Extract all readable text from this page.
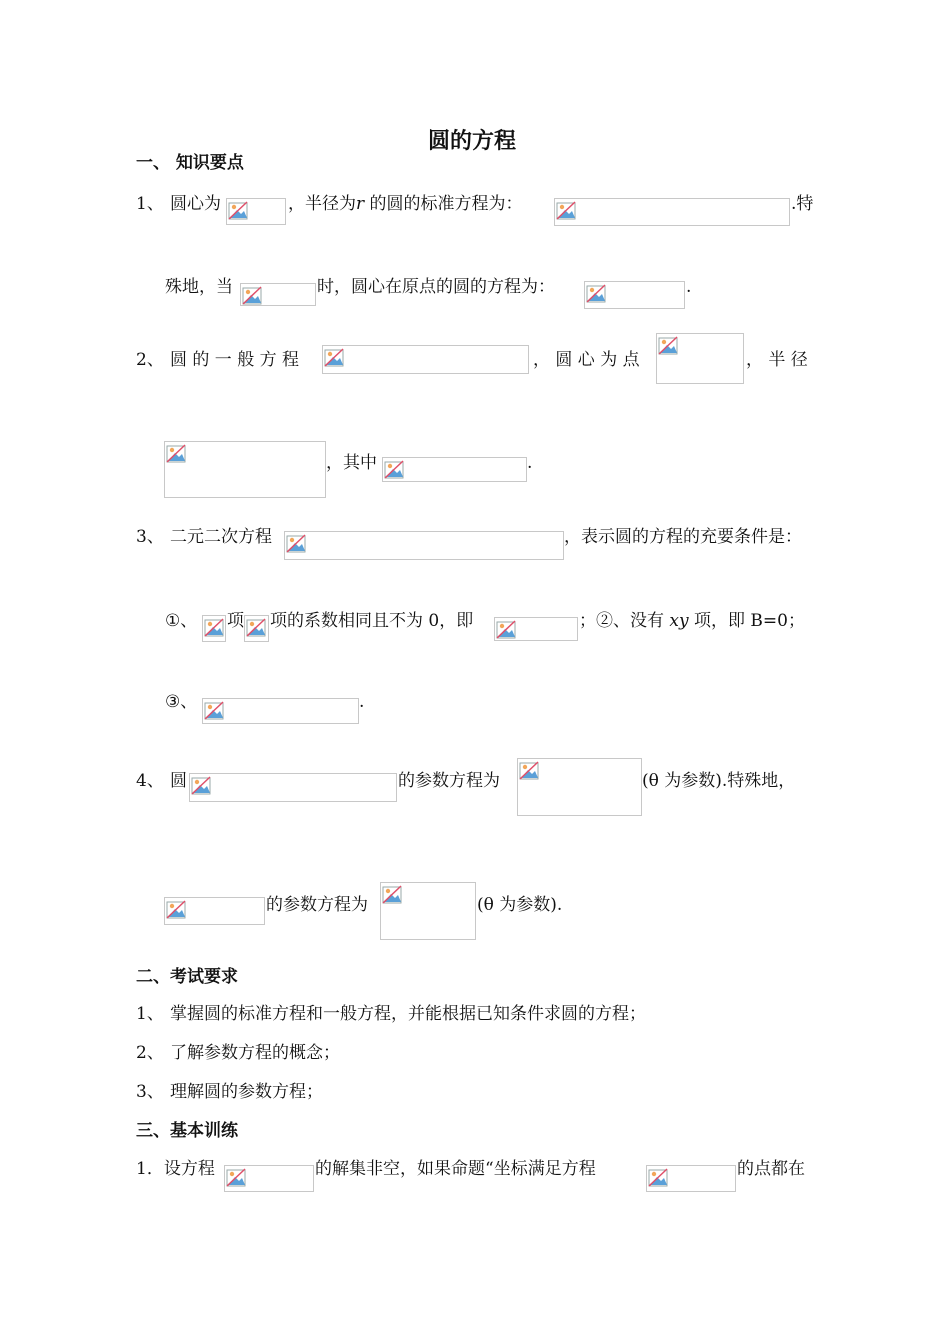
圆的方程
一、 知识要点
1、 圆心为	，半径为r 的圆的标准方程为：	.特
殊地，当	时，圆心在原点的圆的方程为：	.
2、 圆 的 一 般 方 程	， 圆 心 为 点	， 半 径
，其中	.
3、 二元二次方程	，表示圆的方程的充要条件是：
①、 项 项的系数相同且不为 0，即	；②、没有 xy 项，即 B=0；
③、	.
4、 圆	的参数方程为	(θ 为参数).特殊地，
的参数方程为	(θ 为参数).
二、考试要求
1、 掌握圆的标准方程和一般方程，并能根据已知条件求圆的方程；
2、 了解参数方程的概念；
3、 理解圆的参数方程；
三、基本训练
1．设方程	的解集非空，如果命题“坐标满足方程	的点都在
